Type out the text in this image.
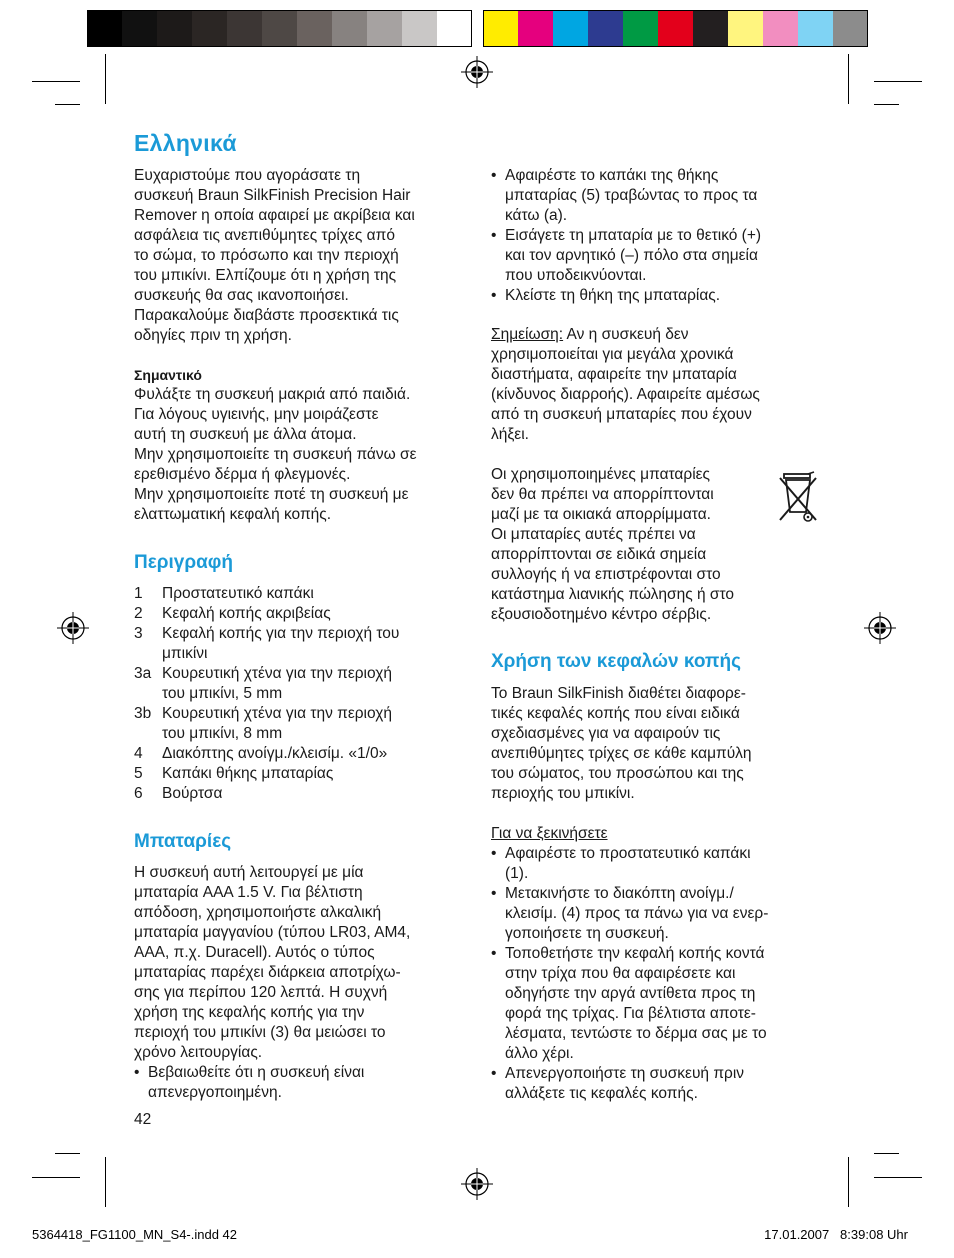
Ελληνικά
Ευχαριστούμε που αγοράσατε τη
συσκευή Braun SilkFinish Precision Hair
Remover η οποία αφαιρεί με ακρίβεια και
ασφάλεια τις ανεπιθύμητες τρίχες από
το σώμα, το πρόσωπο και την περιοχή
του μπικίνι. Ελπίζουμε ότι η χρήση της
συσκευής θα σας ικανοποιήσει.
Παρακαλούμε διαβάστε προσεκτικά τις
οδηγίες πριν τη χρήση.
Σημαντικό
Φυλάξτε τη συσκευή μακριά από παιδιά.
Για λόγους υγιεινής, μην μοιράζεστε
αυτή τη συσκευή με άλλα άτομα.
Μην χρησιμοποιείτε τη συσκευή πάνω σε
ερεθισμένο δέρμα ή φλεγμονές.
Μην χρησιμοποιείτε ποτέ τη συσκευή με
ελαττωματική κεφαλή κοπής.
Περιγραφή
1 Προστατευτικό καπάκι
2 Κεφαλή κοπής ακριβείας
3 Κεφαλή κοπής για την περιοχή του
μπικίνι
3a Κουρευτική χτένα για την περιοχή
του μπικίνι, 5 mm
3b Κουρευτική χτένα για την περιοχή
του μπικίνι, 8 mm
4 Διακόπτης ανοίγμ./κλεισίμ. «1/0»
5 Καπάκι θήκης μπαταρίας
6 Βούρτσα
Μπαταρίες
Η συσκευή αυτή λειτουργεί με μία
μπαταρία AAA 1.5 V. Για βέλτιστη
απόδοση, χρησιμοποιήστε αλκαλική
μπαταρία μαγγανίου (τύπου LR03, AM4,
AAA, π.χ. Duracell). Αυτός ο τύπος
μπαταρίας παρέχει διάρκεια αποτρίχω-
σης για περίπου 120 λεπτά. Η συχνή
χρήση της κεφαλής κοπής για την
περιοχή του μπικίνι (3) θα μειώσει το
χρόνο λειτουργίας.
• Βεβαιωθείτε ότι η συσκευή είναι
απενεργοποιημένη.
42
• Αφαιρέστε το καπάκι της θήκης
μπαταρίας (5) τραβώντας το προς τα
κάτω (a).
• Εισάγετε τη μπαταρία με το θετικό (+)
και τον αρνητικό (–) πόλο στα σημεία
που υποδεικνύονται.
• Κλείστε τη θήκη της μπαταρίας.
Σημείωση: Αν η συσκευή δεν
χρησιμοποιείται για μεγάλα χρονικά
διαστήματα, αφαιρείτε την μπαταρία
(κίνδυνος διαρροής). Αφαιρείτε αμέσως
από τη συσκευή μπαταρίες που έχουν
λήξει.
Οι χρησιμοποιημένες μπαταρίες
δεν θα πρέπει να απορρίπτονται
μαζί με τα οικιακά απορρίμματα.
Οι μπαταρίες αυτές πρέπει να
απορρίπτονται σε ειδικά σημεία
συλλογής ή να επιστρέφονται στο
κατάστημα λιανικής πώλησης ή στο
εξουσιοδοτημένο κέντρο σέρβις.
Χρήση των κεφαλών κοπής
Το Braun SilkFinish διαθέτει διαφορε-
τικές κεφαλές κοπής που είναι ειδικά
σχεδιασμένες για να αφαιρούν τις
ανεπιθύμητες τρίχες σε κάθε καμπύλη
του σώματος, του προσώπου και της
περιοχής του μπικίνι.
Για να ξεκινήσετε
• Αφαιρέστε το προστατευτικό καπάκι
(1).
• Μετακινήστε το διακόπτη ανοίγμ./
κλεισίμ. (4) προς τα πάνω για να ενερ-
γοποιήσετε τη συσκευή.
• Τοποθετήστε την κεφαλή κοπής κοντά
στην τρίχα που θα αφαιρέσετε και
οδηγήστε την αργά αντίθετα προς τη
φορά της τρίχας. Για βέλτιστα αποτε-
λέσματα, τεντώστε το δέρμα σας με το
άλλο χέρι.
• Απενεργοποιήστε τη συσκευή πριν
αλλάξετε τις κεφαλές κοπής.
5364418_FG1100_MN_S4-.indd 42	17.01.2007   8:39:08 Uhr
